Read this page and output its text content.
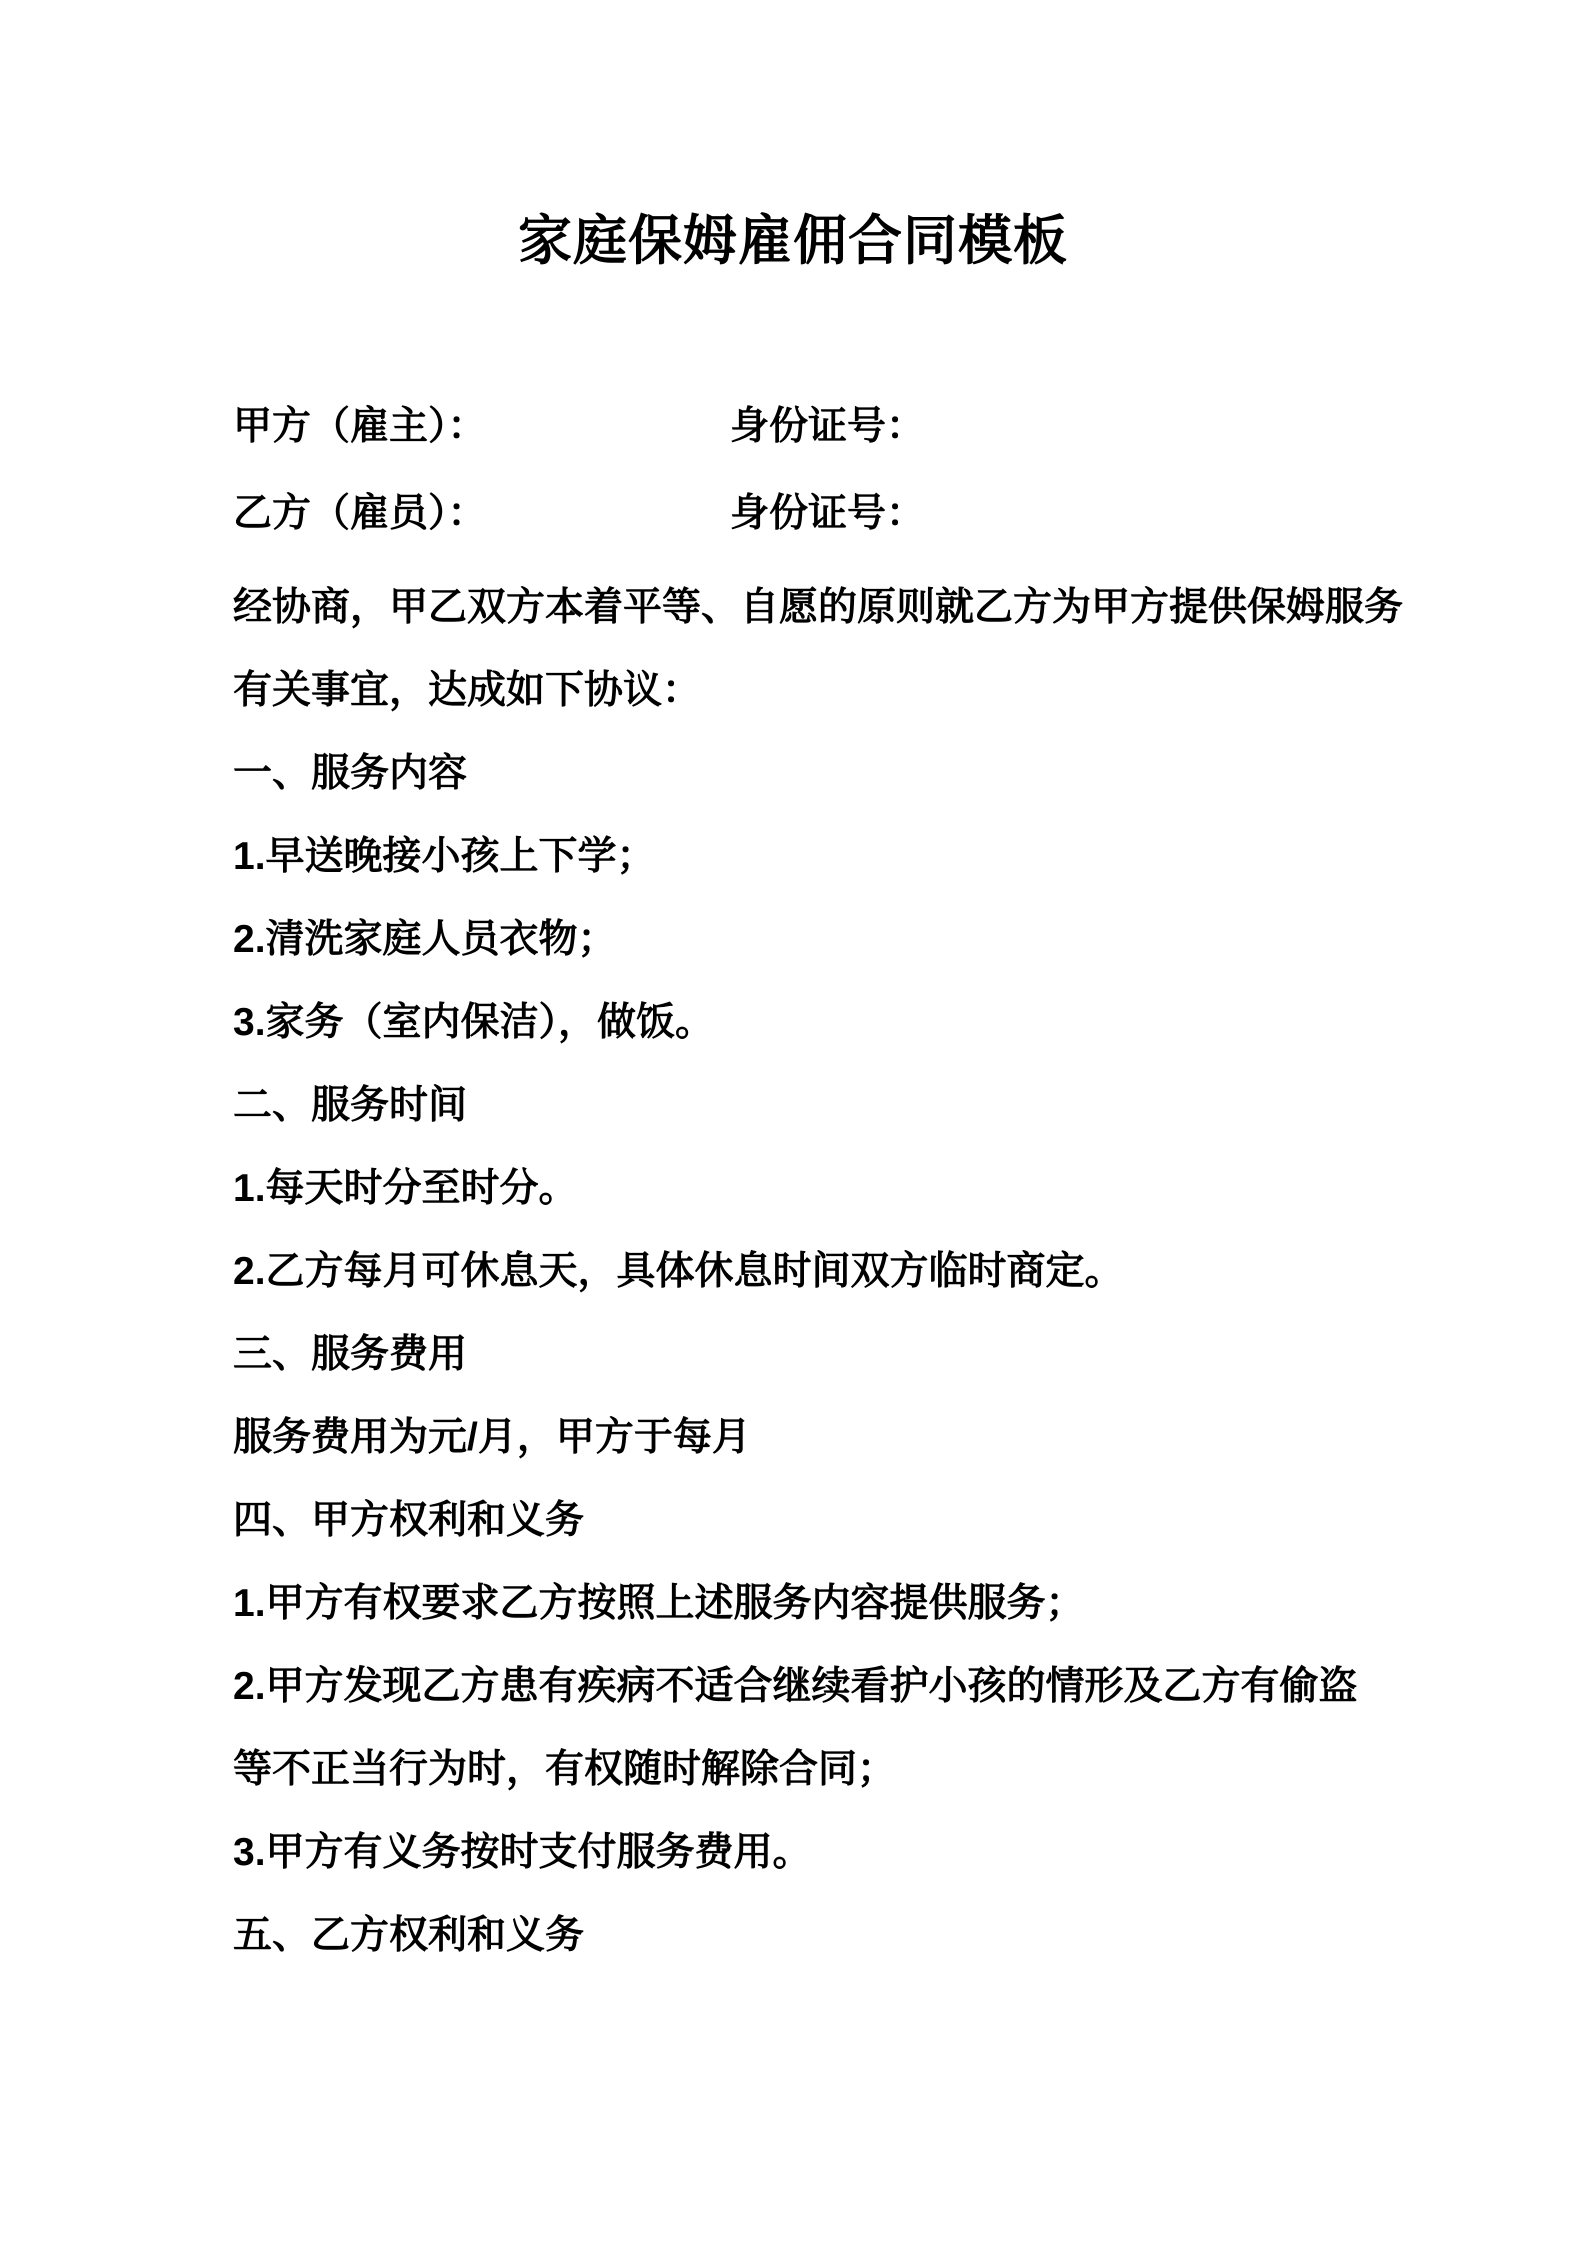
家庭保姆雇佣合同模板
甲方（雇主）：	身份证号：
乙方（雇员）：	身份证号：

经协商，甲乙双方本着平等、自愿的原则就乙方为甲方提供保姆服务

有关事宜，达成如下协议：

一、服务内容

1.早送晚接小孩上下学；

2.清洗家庭人员衣物；

3.家务（室内保洁），做饭。

二、服务时间

1.每天时分至时分。

2.乙方每月可休息天，具体休息时间双方临时商定。

三、服务费用

服务费用为元/月，甲方于每月

四、甲方权利和义务

1.甲方有权要求乙方按照上述服务内容提供服务；

2.甲方发现乙方患有疾病不适合继续看护小孩的情形及乙方有偷盗

等不正当行为时，有权随时解除合同；

3.甲方有义务按时支付服务费用。

五、乙方权利和义务
